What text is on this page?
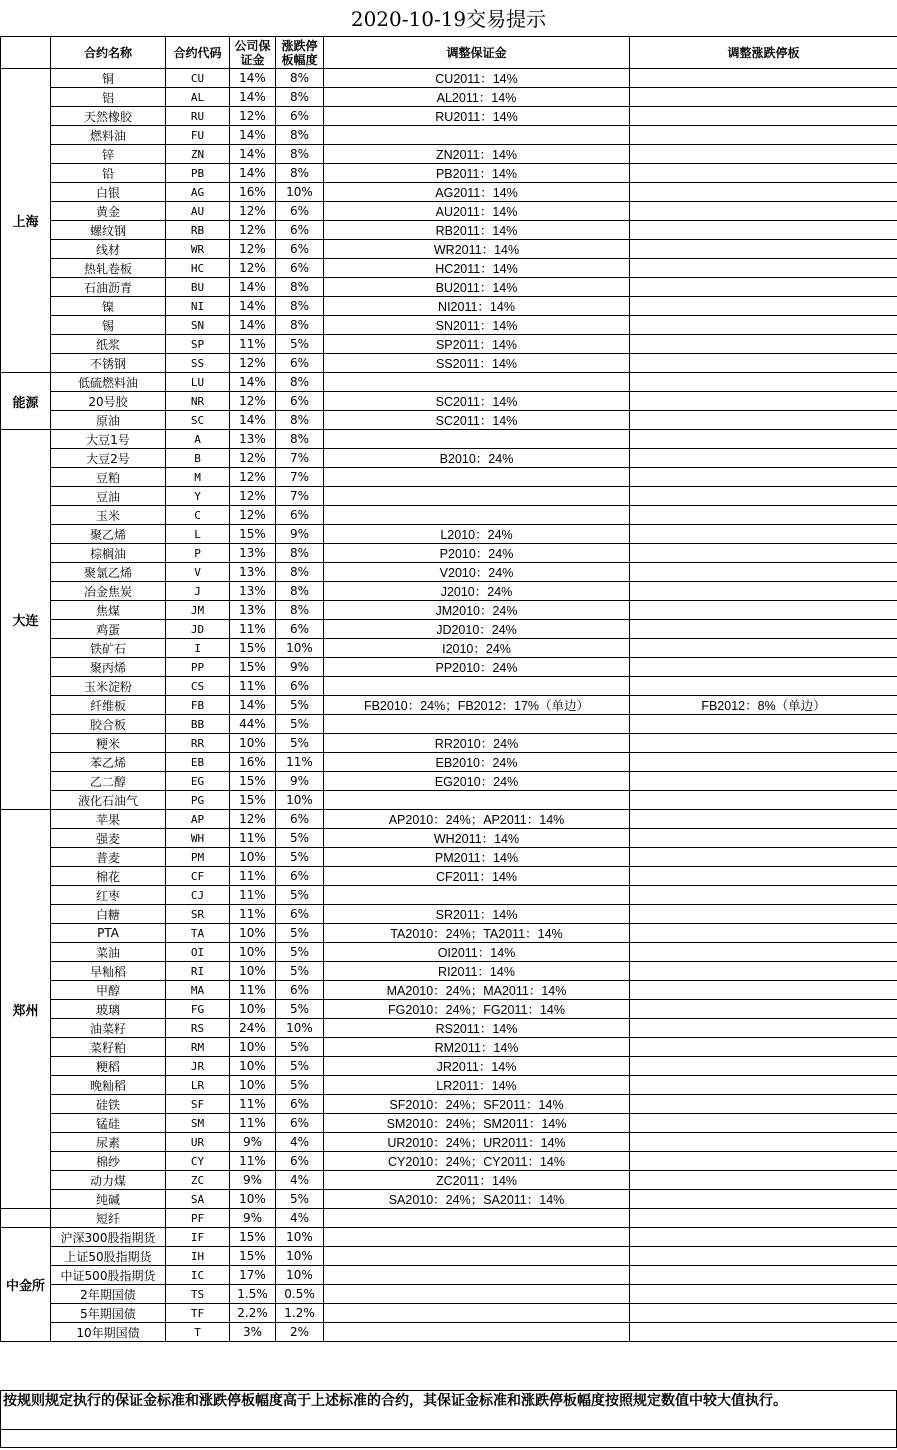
2020-10-19交易提示
	合约名称	合约代码	公司保证金	涨跌停板幅度	调整保证金	调整涨跌停板
上海	铜	CU	14%	8%	CU2011：14%	
	铝	AL	14%	8%	AL2011：14%	
	天然橡胶	RU	12%	6%	RU2011：14%	
	燃料油	FU	14%	8%		
	锌	ZN	14%	8%	ZN2011：14%	
	铅	PB	14%	8%	PB2011：14%	
	白银	AG	16%	10%	AG2011：14%	
	黄金	AU	12%	6%	AU2011：14%	
	螺纹钢	RB	12%	6%	RB2011：14%	
	线材	WR	12%	6%	WR2011：14%	
	热轧卷板	HC	12%	6%	HC2011：14%	
	石油沥青	BU	14%	8%	BU2011：14%	
	镍	NI	14%	8%	NI2011：14%	
	锡	SN	14%	8%	SN2011：14%	
	纸浆	SP	11%	5%	SP2011：14%	
	不锈钢	SS	12%	6%	SS2011：14%	
能源	低硫燃料油	LU	14%	8%		
	20号胶	NR	12%	6%	SC2011：14%	
	原油	SC	14%	8%	SC2011：14%	
大连	大豆1号	A	13%	8%		
	大豆2号	B	12%	7%	B2010：24%	
	豆粕	M	12%	7%		
	豆油	Y	12%	7%		
	玉米	C	12%	6%		
	聚乙烯	L	15%	9%	L2010：24%	
	棕榈油	P	13%	8%	P2010：24%	
	聚氯乙烯	V	13%	8%	V2010：24%	
	冶金焦炭	J	13%	8%	J2010：24%	
	焦煤	JM	13%	8%	JM2010：24%	
	鸡蛋	JD	11%	6%	JD2010：24%	
	铁矿石	I	15%	10%	I2010：24%	
	聚丙烯	PP	15%	9%	PP2010：24%	
	玉米淀粉	CS	11%	6%		
	纤维板	FB	14%	5%	FB2010：24%；FB2012：17%（单边）	FB2012：8%（单边）
	胶合板	BB	44%	5%		
	粳米	RR	10%	5%	RR2010：24%	
	苯乙烯	EB	16%	11%	EB2010：24%	
	乙二醇	EG	15%	9%	EG2010：24%	
	液化石油气	PG	15%	10%		
郑州	苹果	AP	12%	6%	AP2010：24%；AP2011：14%	
	强麦	WH	11%	5%	WH2011：14%	
	普麦	PM	10%	5%	PM2011：14%	
	棉花	CF	11%	6%	CF2011：14%	
	红枣	CJ	11%	5%		
	白糖	SR	11%	6%	SR2011：14%	
	PTA	TA	10%	5%	TA2010：24%；TA2011：14%	
	菜油	OI	10%	5%	OI2011：14%	
	早籼稻	RI	10%	5%	RI2011：14%	
	甲醇	MA	11%	6%	MA2010：24%；MA2011：14%	
	玻璃	FG	10%	5%	FG2010：24%；FG2011：14%	
	油菜籽	RS	24%	10%	RS2011：14%	
	菜籽粕	RM	10%	5%	RM2011：14%	
	粳稻	JR	10%	5%	JR2011：14%	
	晚籼稻	LR	10%	5%	LR2011：14%	
	硅铁	SF	11%	6%	SF2010：24%；SF2011：14%	
	锰硅	SM	11%	6%	SM2010：24%；SM2011：14%	
	尿素	UR	9%	4%	UR2010：24%；UR2011：14%	
	棉纱	CY	11%	6%	CY2010：24%；CY2011：14%	
	动力煤	ZC	9%	4%	ZC2011：14%	
	纯碱	SA	10%	5%	SA2010：24%；SA2011：14%	
	短纤	PF	9%	4%		
中金所	沪深300股指期货	IF	15%	10%		
	上证50股指期货	IH	15%	10%		
	中证500股指期货	IC	17%	10%		
	2年期国债	TS	1.5%	0.5%		
	5年期国债	TF	2.2%	1.2%		
	10年期国债	T	3%	2%		
按规则规定执行的保证金标准和涨跌停板幅度高于上述标准的合约，其保证金标准和涨跌停板幅度按照规定数值中较大值执行。
